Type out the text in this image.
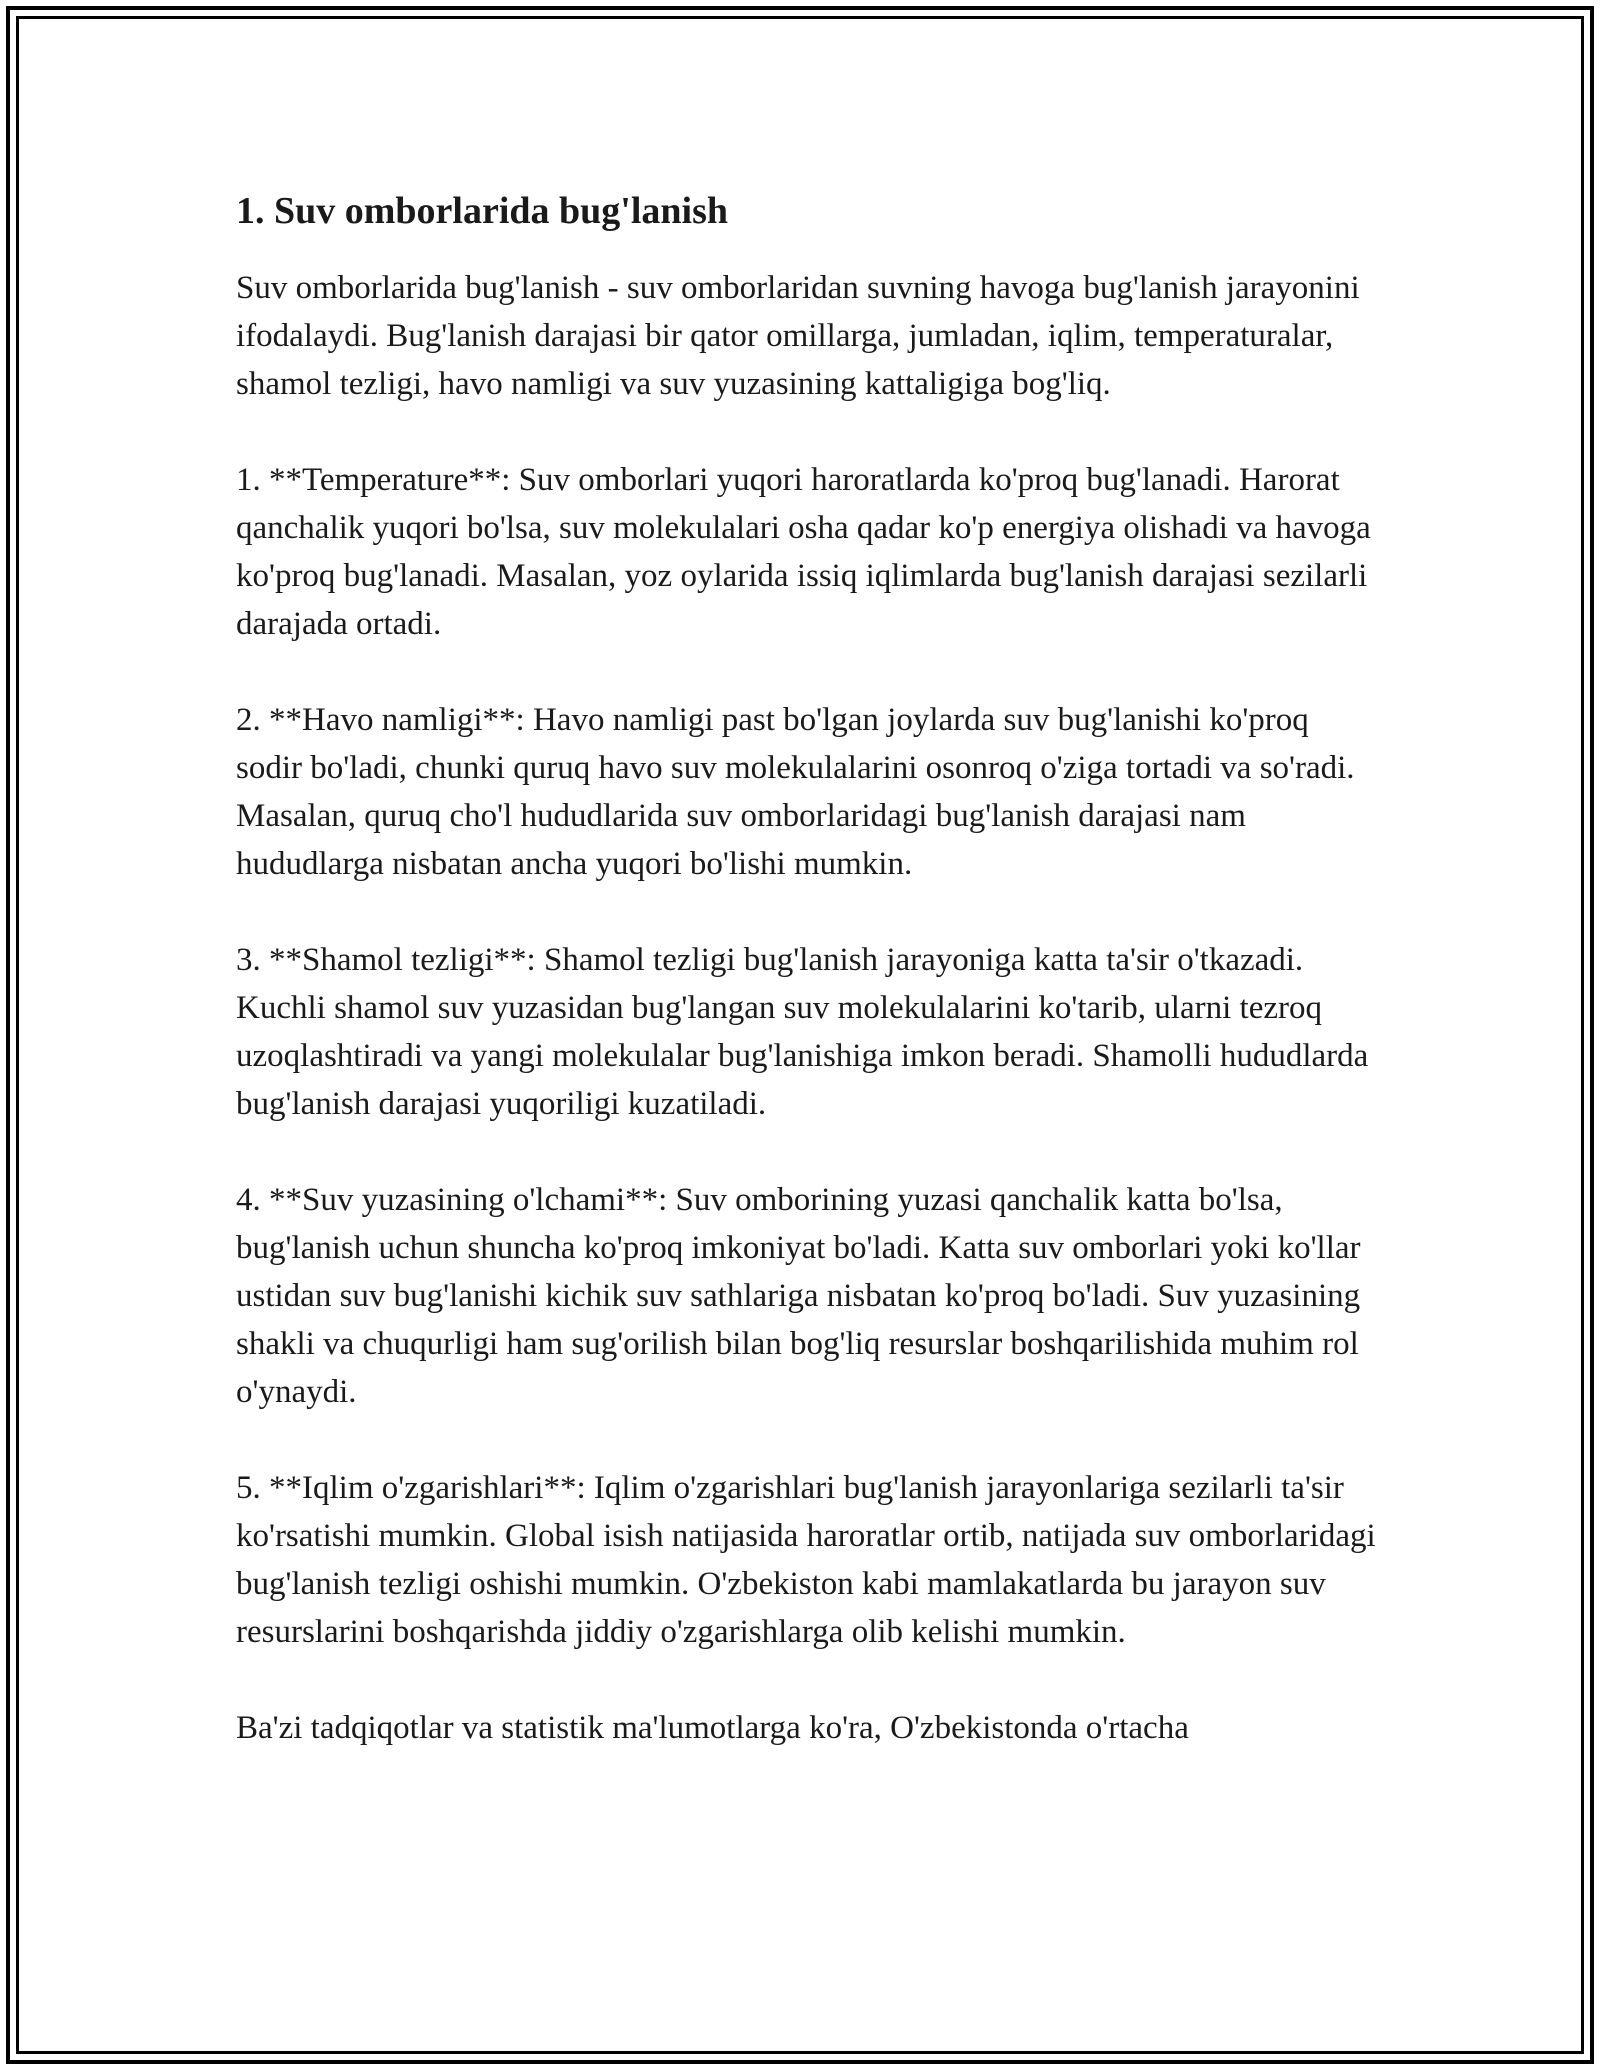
1. Suv omborlarida bug'lanish

Suv omborlarida bug'lanish - suv omborlaridan suvning havoga bug'lanish jarayonini ifodalaydi. Bug'lanish darajasi bir qator omillarga, jumladan, iqlim, temperaturalar, shamol tezligi, havo namligi va suv yuzasining kattaligiga bog'liq.

1. **Temperature**: Suv omborlari yuqori haroratlarda ko'proq bug'lanadi. Harorat qanchalik yuqori bo'lsa, suv molekulalari osha qadar ko'p energiya olishadi va havoga ko'proq bug'lanadi. Masalan, yoz oylarida issiq iqlimlarda bug'lanish darajasi sezilarli darajada ortadi.

2. **Havo namligi**: Havo namligi past bo'lgan joylarda suv bug'lanishi ko'proq sodir bo'ladi, chunki quruq havo suv molekulalarini osonroq o'ziga tortadi va so'radi. Masalan, quruq cho'l hududlarida suv omborlaridagi bug'lanish darajasi nam hududlarga nisbatan ancha yuqori bo'lishi mumkin.

3. **Shamol tezligi**: Shamol tezligi bug'lanish jarayoniga katta ta'sir o'tkazadi. Kuchli shamol suv yuzasidan bug'langan suv molekulalarini ko'tarib, ularni tezroq uzoqlashtiradi va yangi molekulalar bug'lanishiga imkon beradi. Shamolli hududlarda bug'lanish darajasi yuqoriligi kuzatiladi.

4. **Suv yuzasining o'lchami**: Suv omborining yuzasi qanchalik katta bo'lsa, bug'lanish uchun shuncha ko'proq imkoniyat bo'ladi. Katta suv omborlari yoki ko'llar ustidan suv bug'lanishi kichik suv sathlariga nisbatan ko'proq bo'ladi. Suv yuzasining shakli va chuqurligi ham sug'orilish bilan bog'liq resurslar boshqarilishida muhim rol o'ynaydi.

5. **Iqlim o'zgarishlari**: Iqlim o'zgarishlari bug'lanish jarayonlariga sezilarli ta'sir ko'rsatishi mumkin. Global isish natijasida haroratlar ortib, natijada suv omborlaridagi bug'lanish tezligi oshishi mumkin. O'zbekiston kabi mamlakatlarda bu jarayon suv resurslarini boshqarishda jiddiy o'zgarishlarga olib kelishi mumkin.

Ba'zi tadqiqotlar va statistik ma'lumotlarga ko'ra, O'zbekistonda o'rtacha
